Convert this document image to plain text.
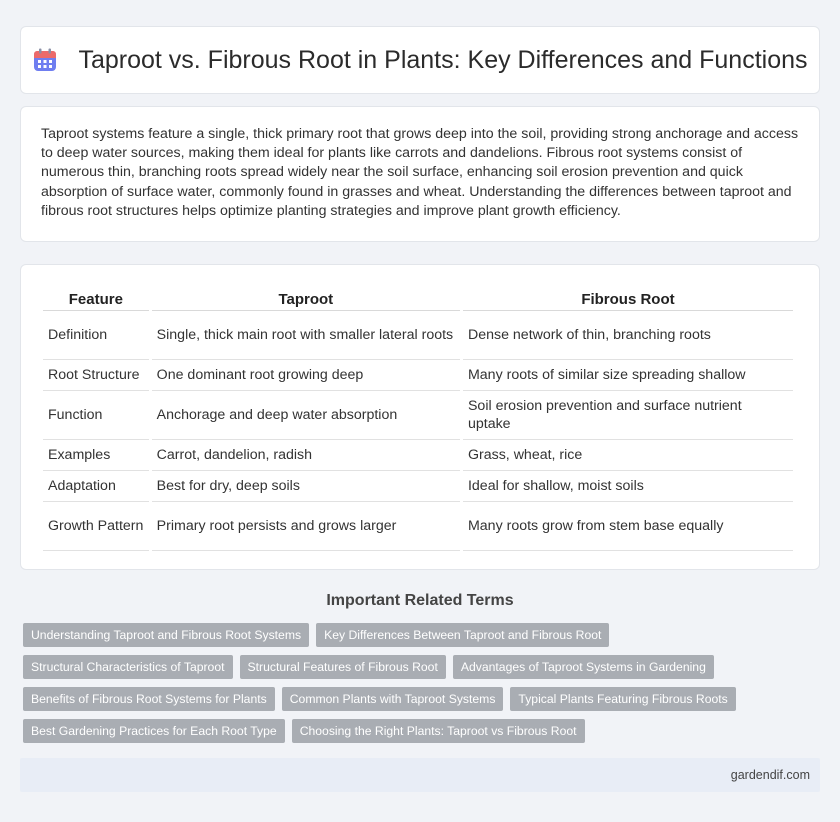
Taproot vs. Fibrous Root in Plants: Key Differences and Functions

Taproot systems feature a single, thick primary root that grows deep into the soil, providing strong anchorage and access to deep water sources, making them ideal for plants like carrots and dandelions. Fibrous root systems consist of numerous thin, branching roots spread widely near the soil surface, enhancing soil erosion prevention and quick absorption of surface water, commonly found in grasses and wheat. Understanding the differences between taproot and fibrous root structures helps optimize planting strategies and improve plant growth efficiency.

Feature	Taproot	Fibrous Root
Definition	Single, thick main root with smaller lateral roots	Dense network of thin, branching roots
Root Structure	One dominant root growing deep	Many roots of similar size spreading shallow
Function	Anchorage and deep water absorption	Soil erosion prevention and surface nutrient uptake
Examples	Carrot, dandelion, radish	Grass, wheat, rice
Adaptation	Best for dry, deep soils	Ideal for shallow, moist soils
Growth Pattern	Primary root persists and grows larger	Many roots grow from stem base equally
Important Related Terms
Understanding Taproot and Fibrous Root Systems	Key Differences Between Taproot and Fibrous Root
Structural Characteristics of Taproot	Structural Features of Fibrous Root	Advantages of Taproot Systems in Gardening
Benefits of Fibrous Root Systems for Plants	Common Plants with Taproot Systems	Typical Plants Featuring Fibrous Roots
Best Gardening Practices for Each Root Type	Choosing the Right Plants: Taproot vs Fibrous Root
gardendif.com
